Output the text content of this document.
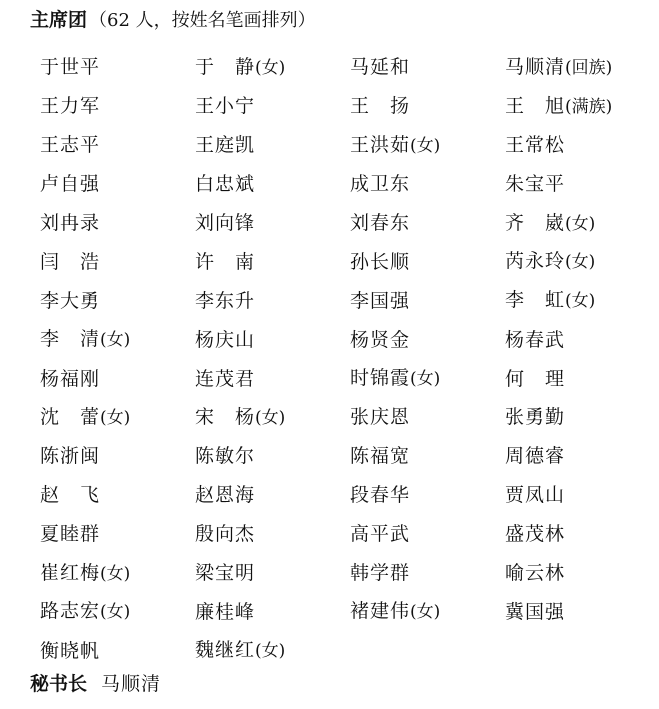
主席团 （62 人，按姓名笔画排列）
于世平	于　静(女)	马延和	马顺清(回族)
王力军	王小宁	王　扬	王　旭(满族)
王志平	王庭凯	王洪茹(女)	王常松
卢自强	白忠斌	成卫东	朱宝平
刘冉录	刘向锋	刘春东	齐　崴(女)
闫　浩	许　南	孙长顺	芮永玲(女)
李大勇	李东升	李国强	李　虹(女)
李　清(女)	杨庆山	杨贤金	杨春武
杨福刚	连茂君	时锦霞(女)	何　理
沈　蕾(女)	宋　杨(女)	张庆恩	张勇勤
陈浙闽	陈敏尔	陈福宽	周德睿
赵　飞	赵恩海	段春华	贾凤山
夏睦群	殷向杰	高平武	盛茂林
崔红梅(女)	梁宝明	韩学群	喻云林
路志宏(女)	廉桂峰	褚建伟(女)	冀国强
衡晓帆	魏继红(女)
秘书长 马顺清
